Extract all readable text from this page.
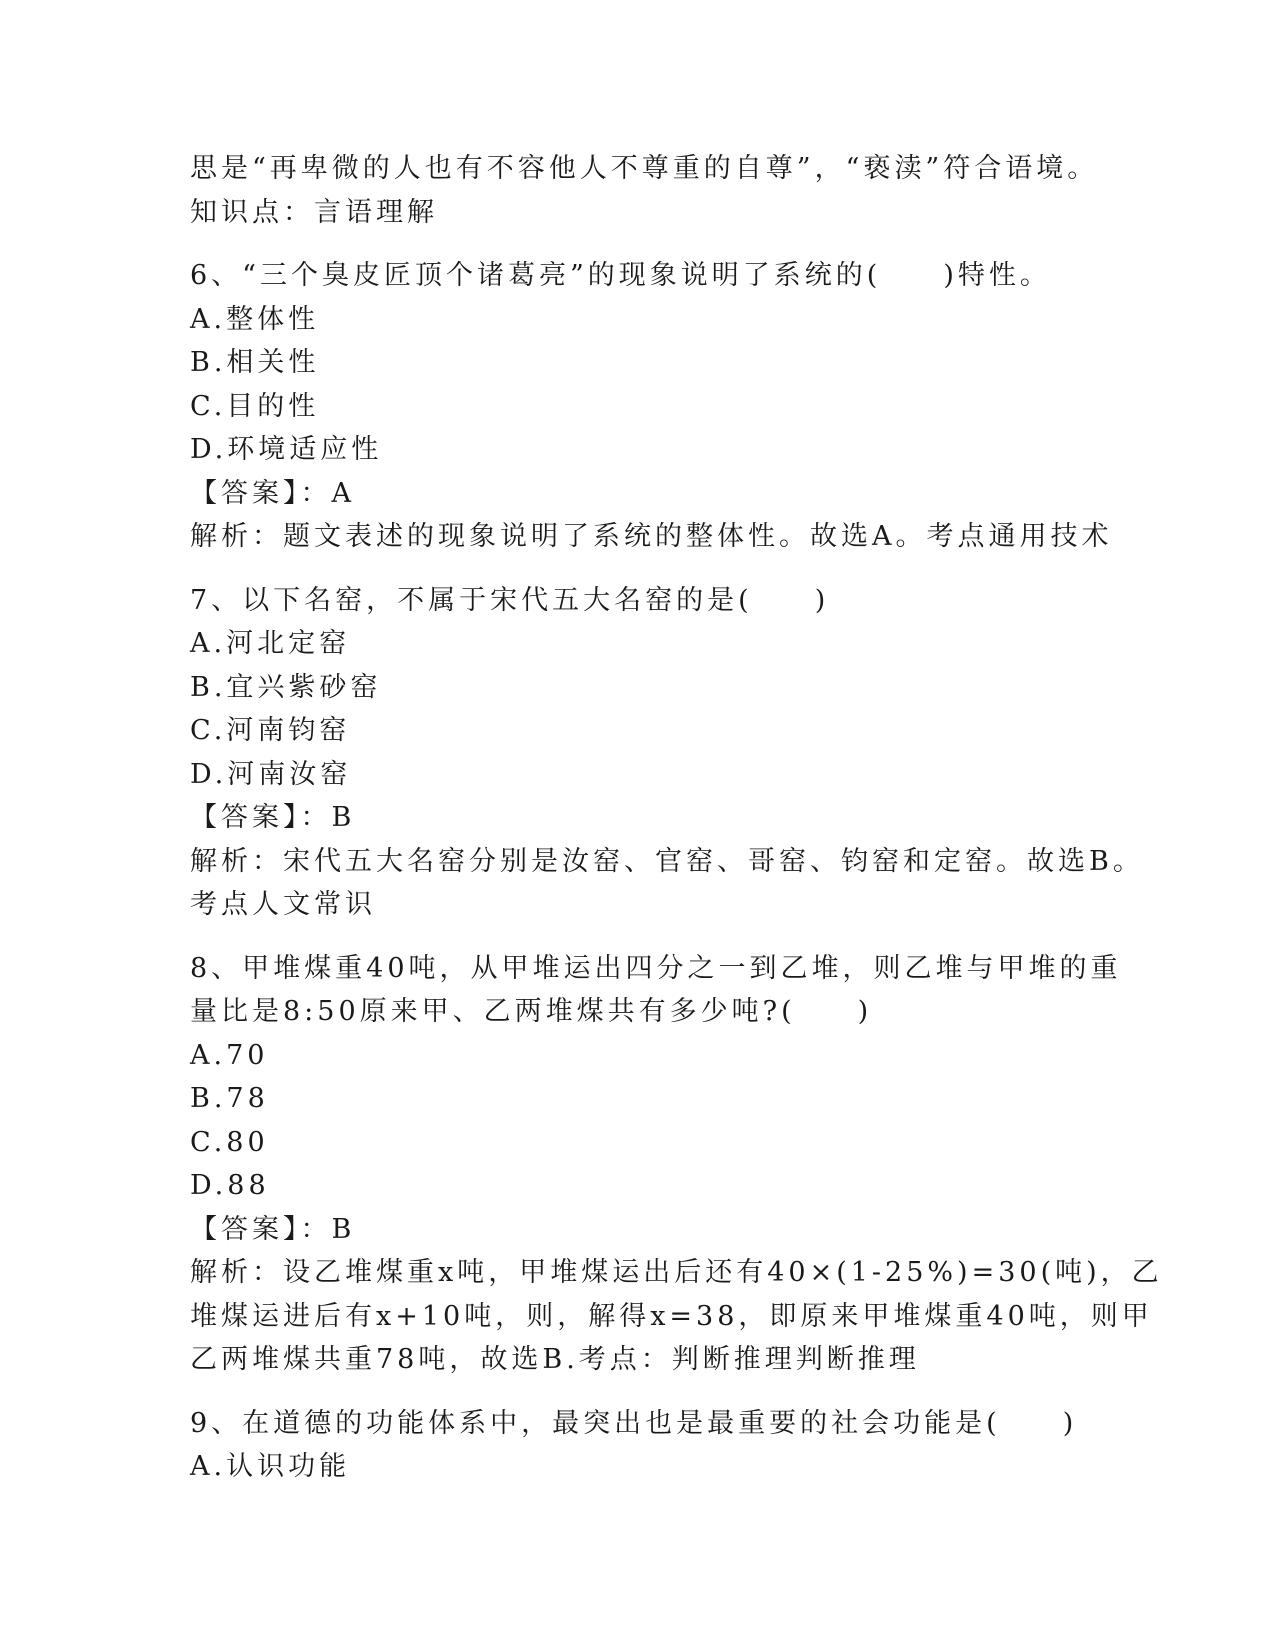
思是“再卑微的人也有不容他人不尊重的自尊”，“亵渎”符合语境。

知识点：言语理解

6、“三个臭皮匠顶个诸葛亮”的现象说明了系统的(　　)特性。

A.整体性

B.相关性

C.目的性

D.环境适应性

【答案】：A

解析：题文表述的现象说明了系统的整体性。故选A。考点通用技术

7、以下名窑，不属于宋代五大名窑的是(　　)

A.河北定窑

B.宜兴紫砂窑

C.河南钧窑

D.河南汝窑

【答案】：B

解析：宋代五大名窑分别是汝窑、官窑、哥窑、钧窑和定窑。故选B。

考点人文常识

8、甲堆煤重40吨，从甲堆运出四分之一到乙堆，则乙堆与甲堆的重

量比是8:50原来甲、乙两堆煤共有多少吨?(　　)

A.70

B.78

C.80

D.88

【答案】：B

解析：设乙堆煤重x吨，甲堆煤运出后还有40×(1-25%)=30(吨)，乙

堆煤运进后有x+10吨，则，解得x=38，即原来甲堆煤重40吨，则甲

乙两堆煤共重78吨，故选B.考点：判断推理判断推理

9、在道德的功能体系中，最突出也是最重要的社会功能是(　　)

A.认识功能
